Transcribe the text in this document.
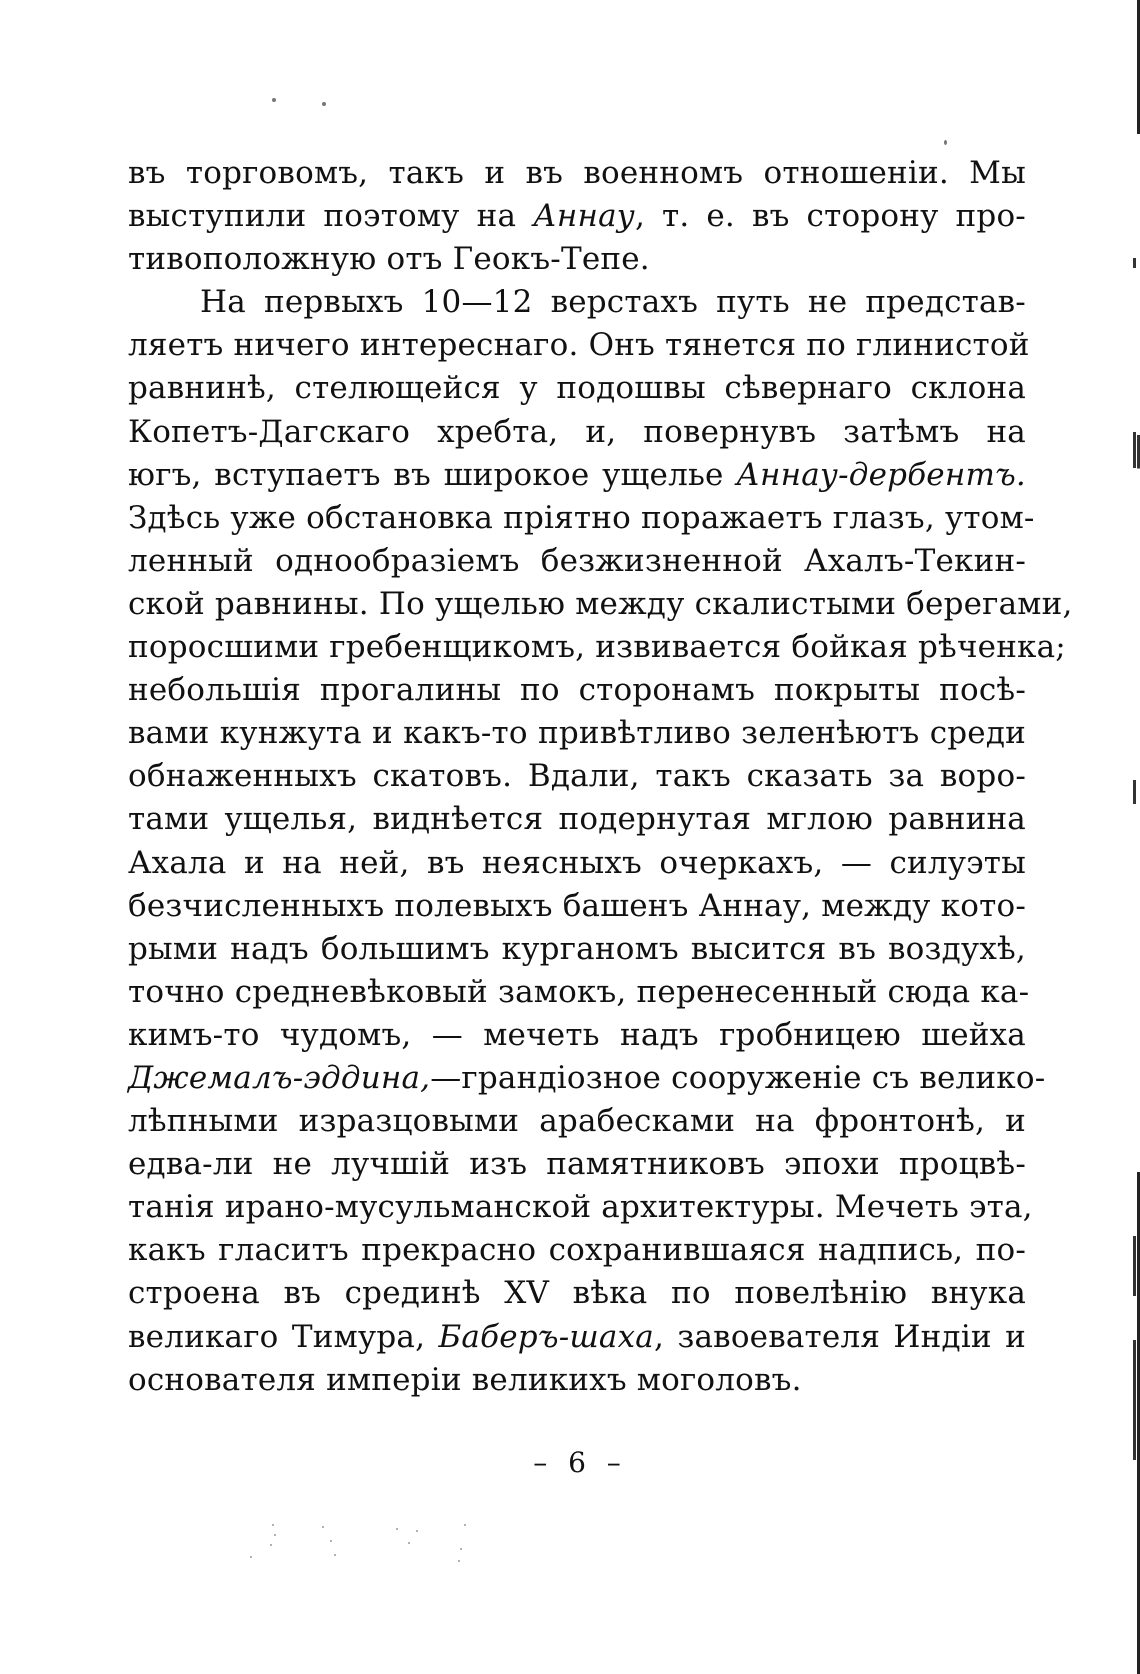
въ торговомъ, такъ и въ военномъ отношеніи. Мы
выступили поэтому на Аннау, т. е. въ сторону про-
тивоположную отъ Геокъ-Тепе.
На первыхъ 10—12 верстахъ путь не представ-
ляетъ ничего интереснаго. Онъ тянется по глинистой
равнинѣ, стелющейся у подошвы сѣвернаго склона
Копетъ-Дагскаго хребта, и, повернувъ затѣмъ на
югъ, вступаетъ въ широкое ущелье Аннау-дербентъ.
Здѣсь уже обстановка пріятно поражаетъ глазъ, утом-
ленный однообразіемъ безжизненной Ахалъ-Текин-
ской равнины. По ущелью между скалистыми берегами,
поросшими гребенщикомъ, извивается бойкая рѣченка;
небольшія прогалины по сторонамъ покрыты посѣ-
вами кунжута и какъ-то привѣтливо зеленѣютъ среди
обнаженныхъ скатовъ. Вдали, такъ сказать за воро-
тами ущелья, виднѣется подернутая мглою равнина
Ахала и на ней, въ неясныхъ очеркахъ, — силуэты
безчисленныхъ полевыхъ башенъ Аннау, между кото-
рыми надъ большимъ курганомъ высится въ воздухѣ,
точно средневѣковый замокъ, перенесенный сюда ка-
кимъ-то чудомъ, — мечеть надъ гробницею шейха
Джемалъ-эддина,—грандіозное сооруженіе съ велико-
лѣпными изразцовыми арабесками на фронтонѣ, и
едва-ли не лучшій изъ памятниковъ эпохи процвѣ-
танія ирано-мусульманской архитектуры. Мечеть эта,
какъ гласитъ прекрасно сохранившаяся надпись, по-
строена въ срединѣ XV вѣка по повелѣнію внука
великаго Тимура, Баберъ-шаха, завоевателя Индіи и
основателя имперіи великихъ моголовъ.
– 6 –
